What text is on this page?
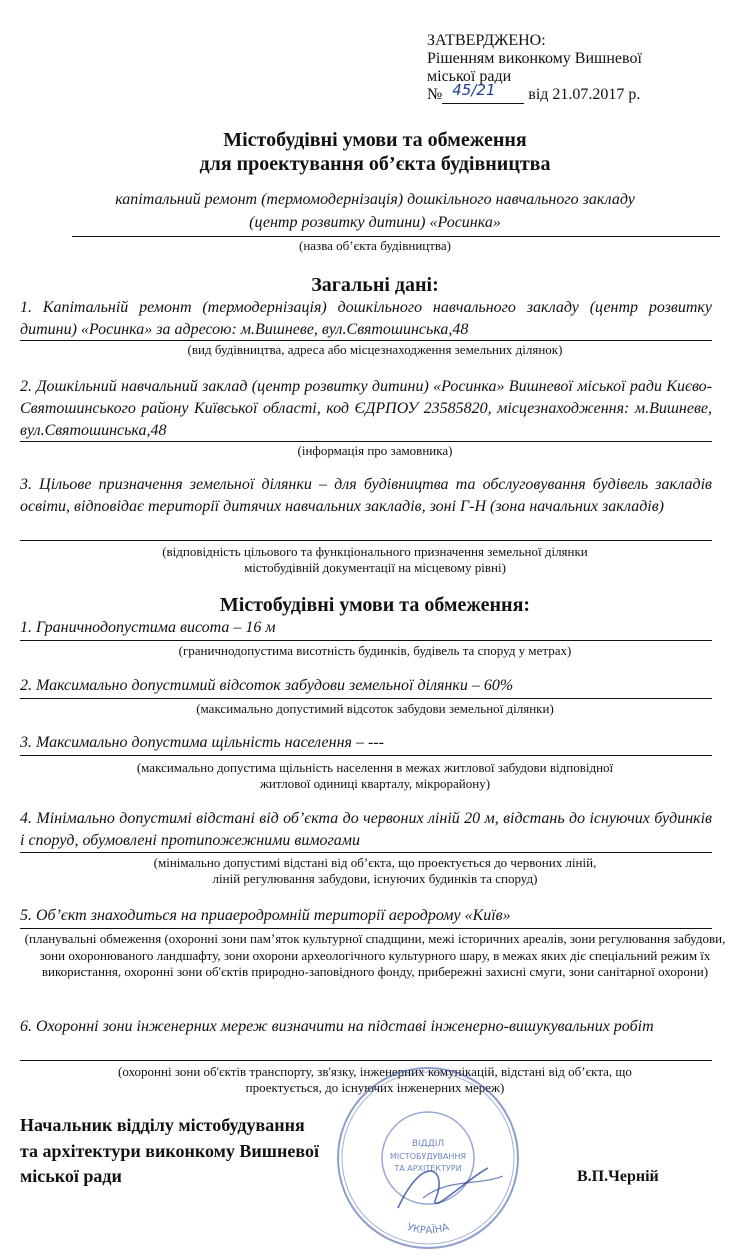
ЗАТВЕРДЖЕНО:
Рішенням виконкому Вишневої
міської ради
№ 45/21 від 21.07.2017 р.
Містобудівні умови та обмеження
для проектування об’єкта будівництва
капітальний ремонт (термомодернізація) дошкільного навчального закладу
(центр розвитку дитини) «Росинка»
(назва об’єкта будівництва)
Загальні дані:
1. Капітальній ремонт (термодернізація) дошкільного навчального закладу (центр розвитку дитини) «Росинка» за адресою: м.Вишневе, вул.Святошинська,48
(вид будівництва, адреса або місцезнаходження земельних ділянок)
2. Дошкільний навчальний заклад (центр розвитку дитини) «Росинка» Вишневої міської ради Києво-Святошинського району Київської області, код ЄДРПОУ 23585820, місцезнаходження: м.Вишневе, вул.Святошинська,48
(інформація про замовника)
3. Цільове призначення земельної ділянки – для будівництва та обслуговування будівель закладів освіти, відповідає території дитячих навчальних закладів, зоні Г-Н (зона начальних закладів)
(відповідність цільового та функціонального призначення земельної ділянки
містобудівній документації на місцевому рівні)
Містобудівні умови та обмеження:
1. Граничнодопустима висота – 16 м
(граничнодопустима висотність будинків, будівель та споруд у метрах)
2. Максимально допустимий відсоток забудови земельної ділянки – 60%
(максимально допустимий відсоток забудови земельної ділянки)
3. Максимально допустима щільність населення – ---
(максимально допустима щільність населення в межах житлової забудови відповідної
житлової одиниці кварталу, мікрорайону)
4. Мінімально допустимі відстані від об’єкта до червоних ліній 20 м, відстань до існуючих будинків і споруд, обумовлені протипожежними вимогами
(мінімально допустимі відстані від об’єкта, що проектується до червоних ліній,
ліній регулювання забудови, існуючих будинків та споруд)
5. Об’єкт знаходиться на приаеродромній території аеродрому «Київ»
(планувальні обмеження (охоронні зони пам’яток культурної спадщини, межі історичних ареалів, зони регулювання забудови, зони охоронюваного ландшафту, зони охорони археологічного культурного шару, в межах яких діє спеціальний режим їх використання, охоронні зони об'єктів природно-заповідного фонду, прибережні захисні смуги, зони санітарної охорони)
6. Охоронні зони інженерних мереж визначити на підставі інженерно-вишукувальних робіт
(охоронні зони об'єктів транспорту, зв'язку, інженерних комунікацій, відстані від об’єкта, що
проектується, до існуючих інженерних мереж)
ВІДДІЛ
МІСТОБУДУВАННЯ
ТА АРХІТЕКТУРИ
УКРАЇНА
Начальник відділу містобудування
та архітектури виконкому Вишневої
міської ради	В.П.Черній
